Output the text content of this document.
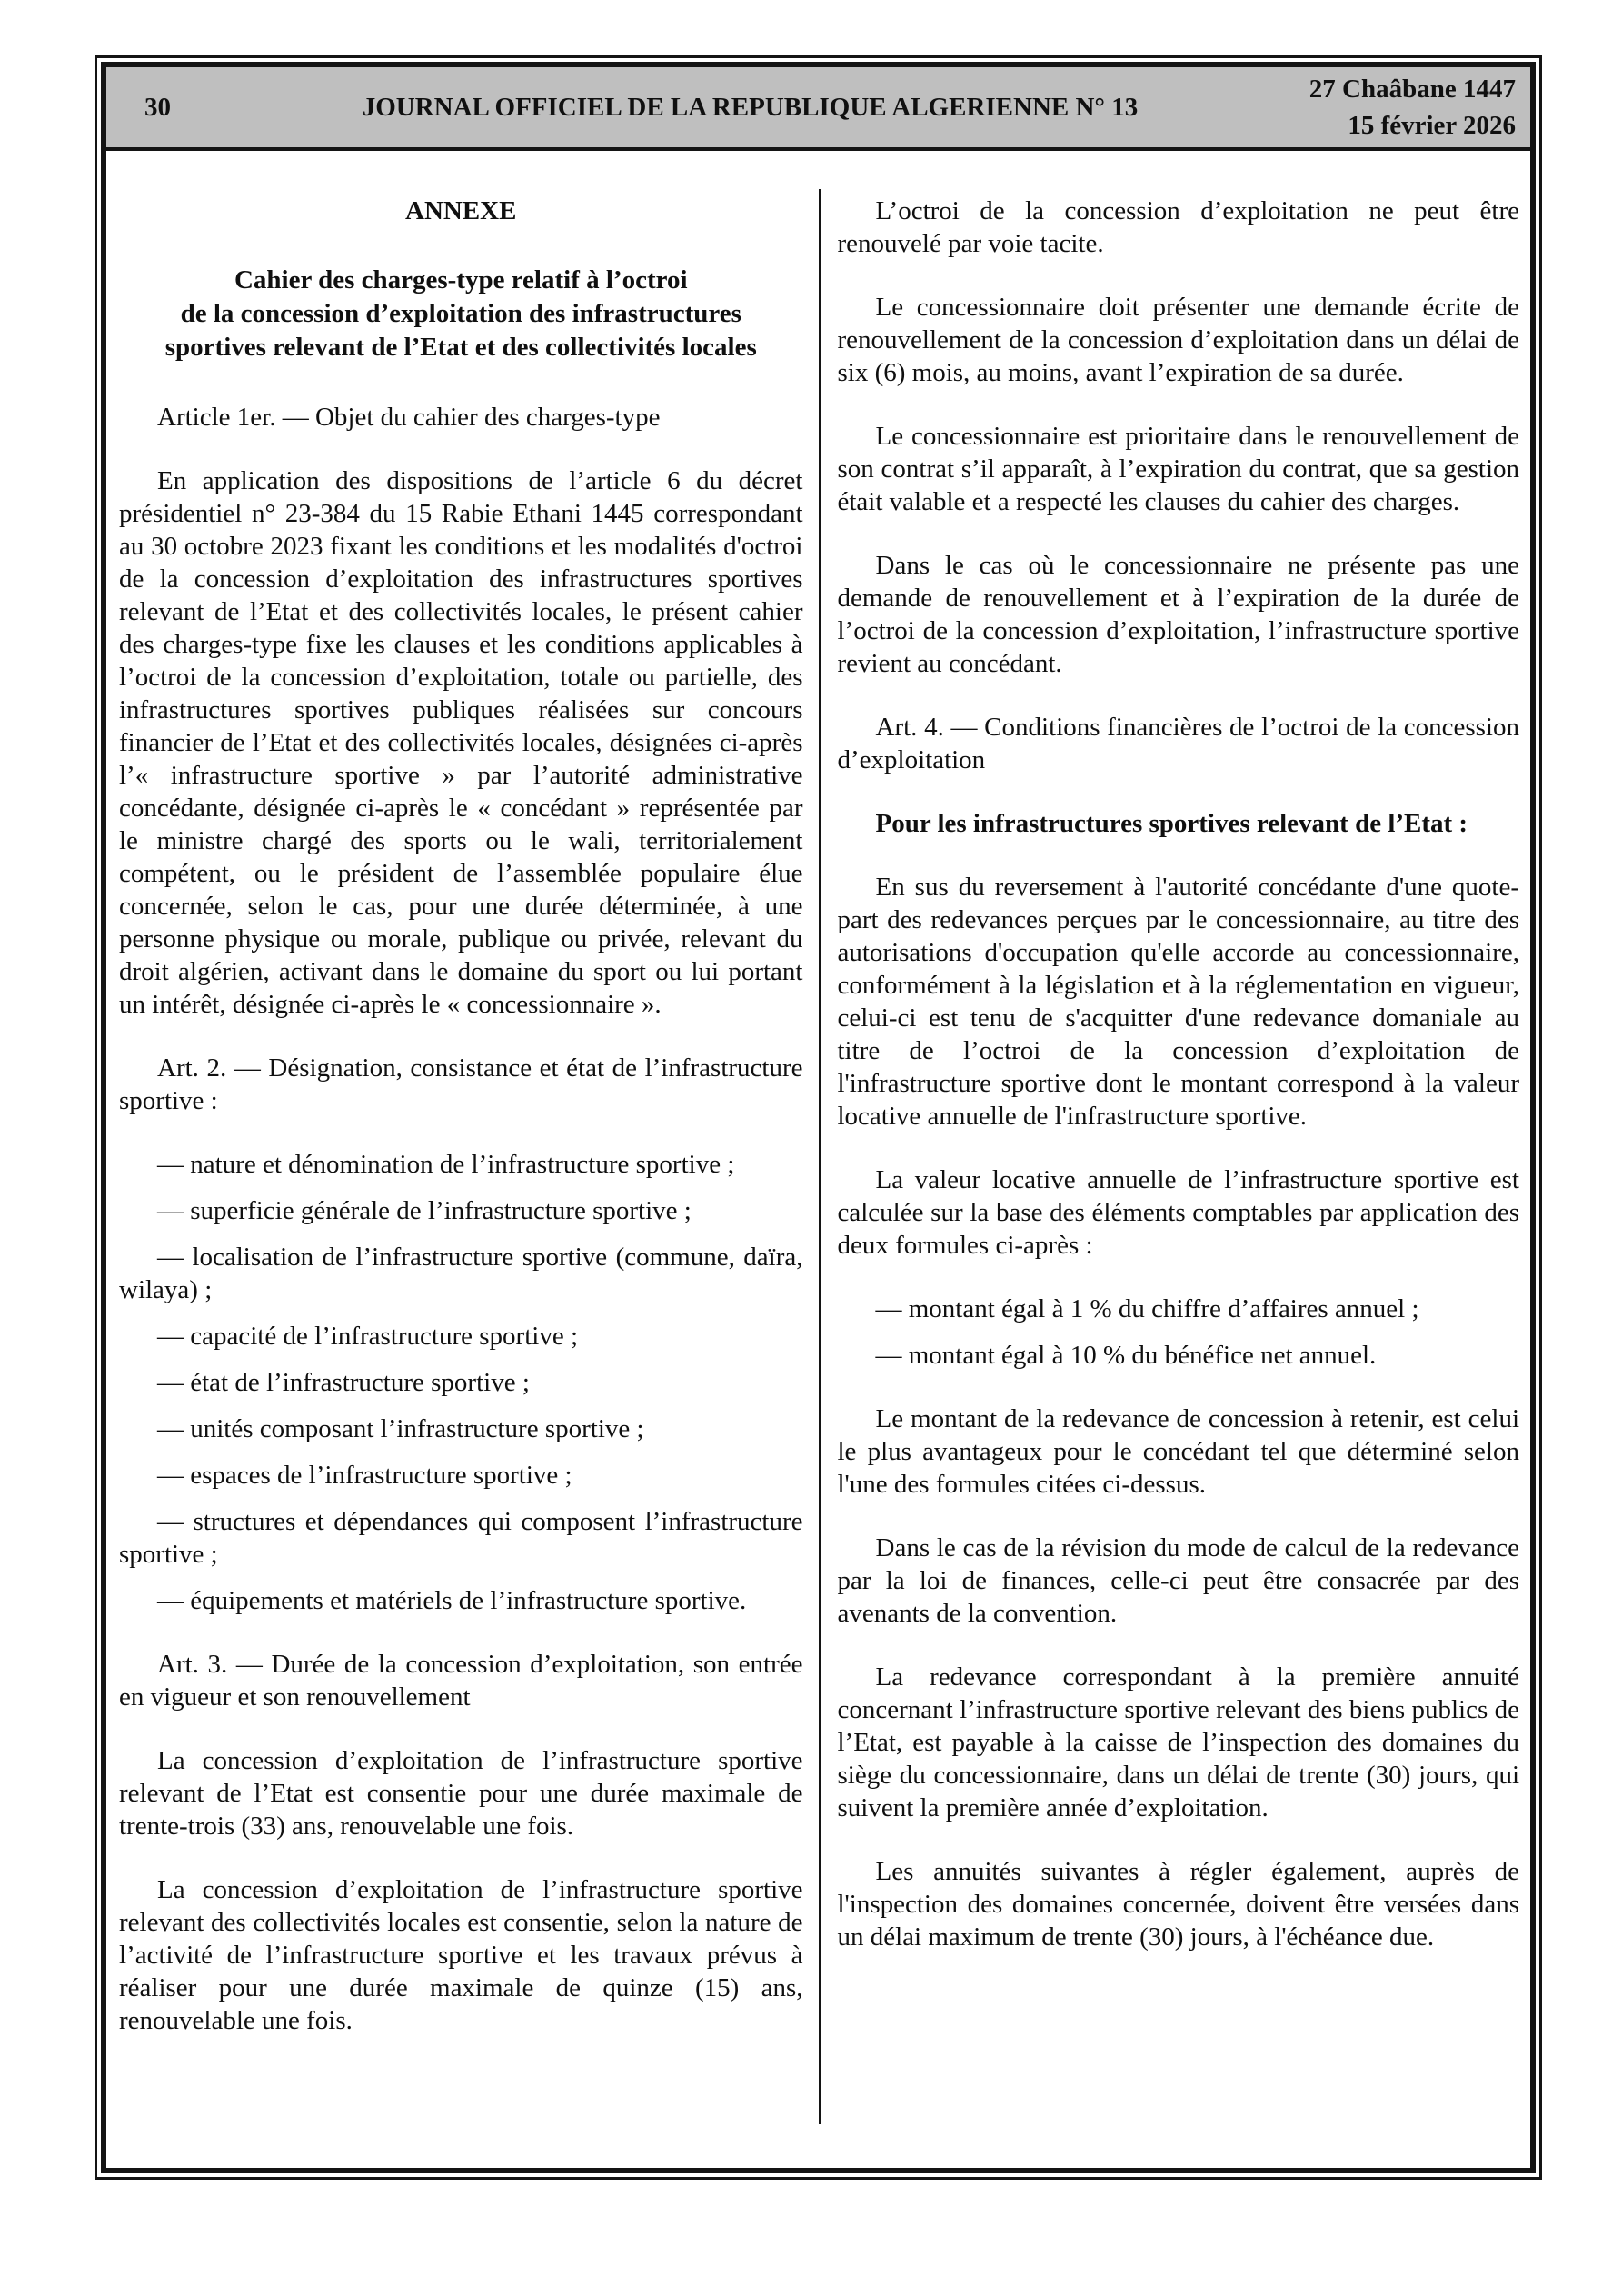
30	JOURNAL OFFICIEL DE LA REPUBLIQUE ALGERIENNE N° 13
27 Chaâbane 1447
15 février 2026

ANNEXE

Cahier des charges-type relatif à l’octroi
de la concession d’exploitation des infrastructures
sportives relevant de l’Etat et des collectivités locales

Article 1er. — Objet du cahier des charges-type

En application des dispositions de l’article 6 du décret présidentiel n° 23-384 du 15 Rabie Ethani 1445 correspondant au 30 octobre 2023 fixant les conditions et les modalités d'octroi de la concession d’exploitation des infrastructures sportives relevant de l’Etat et des collectivités locales, le présent cahier des charges-type fixe les clauses et les conditions applicables à l’octroi de la concession d’exploitation, totale ou partielle, des infrastructures sportives publiques réalisées sur concours financier de l’Etat et des collectivités locales, désignées ci-après l’« infrastructure sportive » par l’autorité administrative concédante, désignée ci-après le « concédant » représentée par le ministre chargé des sports ou le wali, territorialement compétent, ou le président de l’assemblée populaire élue concernée, selon le cas, pour une durée déterminée, à une personne physique ou morale, publique ou privée, relevant du droit algérien, activant dans le domaine du sport ou lui portant un intérêt, désignée ci-après le « concessionnaire ».

Art. 2. — Désignation, consistance et état de l’infrastructure sportive :

— nature et dénomination de l’infrastructure sportive ;

— superficie générale de l’infrastructure sportive ;

— localisation de l’infrastructure sportive (commune, daïra, wilaya) ;

— capacité de l’infrastructure sportive ;

— état de l’infrastructure sportive ;

— unités composant l’infrastructure sportive ;

— espaces de l’infrastructure sportive ;

— structures et dépendances qui composent l’infrastructure sportive ;

— équipements et matériels de l’infrastructure sportive.

Art. 3. — Durée de la concession d’exploitation, son entrée en vigueur et son renouvellement

La concession d’exploitation de l’infrastructure sportive relevant de l’Etat est consentie pour une durée maximale de trente-trois (33) ans, renouvelable une fois.

La concession d’exploitation de l’infrastructure sportive relevant des collectivités locales est consentie, selon la nature de l’activité de l’infrastructure sportive et les travaux prévus à réaliser pour une durée maximale de quinze (15) ans, renouvelable une fois.

L’octroi de la concession d’exploitation ne peut être renouvelé par voie tacite.

Le concessionnaire doit présenter une demande écrite de renouvellement de la concession d’exploitation dans un délai de six (6) mois, au moins, avant l’expiration de sa durée.

Le concessionnaire est prioritaire dans le renouvellement de son contrat s’il apparaît, à l’expiration du contrat, que sa gestion était valable et a respecté les clauses du cahier des charges.

Dans le cas où le concessionnaire ne présente pas une demande de renouvellement et à l’expiration de la durée de l’octroi de la concession d’exploitation, l’infrastructure sportive revient au concédant.

Art. 4. — Conditions financières de l’octroi de la concession d’exploitation

Pour les infrastructures sportives relevant de l’Etat :

En sus du reversement à l'autorité concédante d'une quote-part des redevances perçues par le concessionnaire, au titre des autorisations d'occupation qu'elle accorde au concessionnaire, conformément à la législation et à la réglementation en vigueur, celui-ci est tenu de s'acquitter d'une redevance domaniale au titre de l’octroi de la concession d’exploitation de l'infrastructure sportive dont le montant correspond à la valeur locative annuelle de l'infrastructure sportive.

La valeur locative annuelle de l’infrastructure sportive est calculée sur la base des éléments comptables par application des deux formules ci-après :

— montant égal à 1 % du chiffre d’affaires annuel ;

— montant égal à 10 % du bénéfice net annuel.

Le montant de la redevance de concession à retenir, est celui le plus avantageux pour le concédant tel que déterminé selon l'une des formules citées ci-dessus.

Dans le cas de la révision du mode de calcul de la redevance par la loi de finances, celle-ci peut être consacrée par des avenants de la convention.

La redevance correspondant à la première annuité concernant l’infrastructure sportive relevant des biens publics de l’Etat, est payable à la caisse de l’inspection des domaines du siège du concessionnaire, dans un délai de trente (30) jours, qui suivent la première année d’exploitation.

Les annuités suivantes à régler également, auprès de l'inspection des domaines concernée, doivent être versées dans un délai maximum de trente (30) jours, à l'échéance due.
